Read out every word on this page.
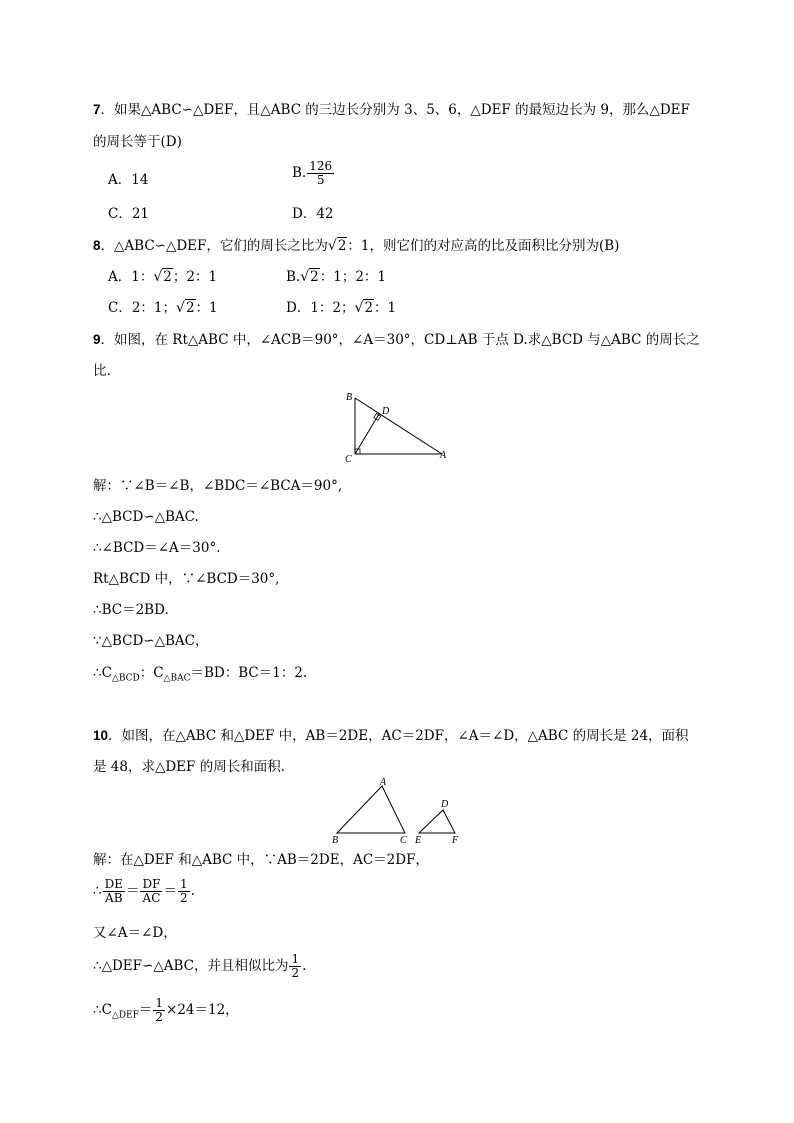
7．如果△ABC∽△DEF，且△ABC 的三边长分别为 3、5、6，△DEF 的最短边长为 9，那么△DEF
的周长等于(D)
A．14	B. $\frac{126}{5}$
C．21	D．42
8．△ABC∽△DEF，它们的周长之比为√2：1，则它们的对应高的比及面积比分别为(B)
A．1：√2；2：1	B.√2：1；2：1
C．2：1；√2：1	D．1：2；√2：1
9．如图，在 Rt△ABC 中，∠ACB＝90°，∠A＝30°，CD⊥AB 于点 D.求△BCD 与△ABC 的周长之
比．
B
D
C	A
解：∵∠B＝∠B，∠BDC＝∠BCA＝90°,
∴△BCD∽△BAC.
∴∠BCD＝∠A＝30°.
Rt△BCD 中，∵∠BCD＝30°,
∴BC＝2BD.
∵△BCD∽△BAC，
$\therefore C_{\triangle BCD}$：$C_{\triangle BAC}=BD$：BC＝1：2.
10．如图，在△ABC 和△DEF 中，AB＝2DE，AC＝2DF，∠A＝∠D，△ABC 的周长是 24，面积
是 48，求△DEF 的周长和面积．
A
B	C
D
E	F
解：在△DEF 和△ABC 中，∵AB＝2DE，AC＝2DF，
∴ $\frac{DE}{AB} = \frac{DF}{AC} = \frac{1}{2}$ .
又∠A＝∠D，
∴△DEF∽△ABC，并且相似比为 $\frac{1}{2}$ .
$\therefore C_{\triangle DEF}= \frac{1}{2} \times 24=12$，
